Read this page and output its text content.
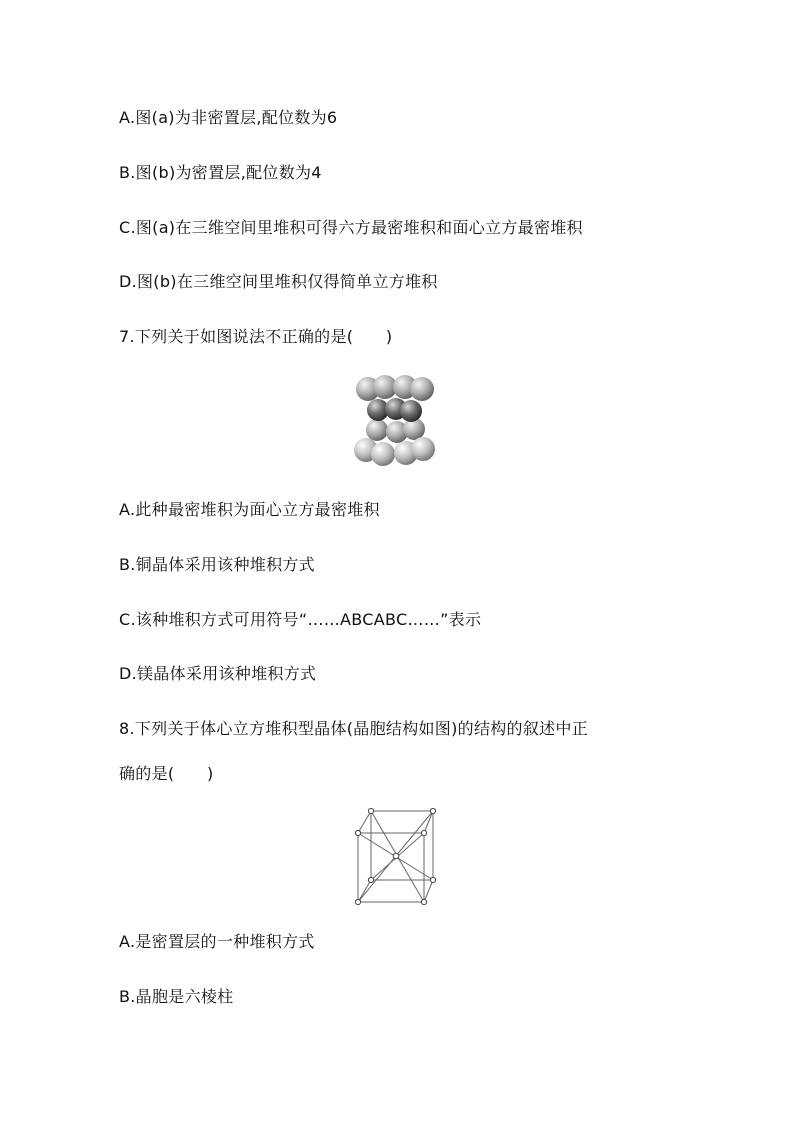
A.图(a)为非密置层,配位数为6
B.图(b)为密置层,配位数为4
C.图(a)在三维空间里堆积可得六方最密堆积和面心立方最密堆积
D.图(b)在三维空间里堆积仅得简单立方堆积
7.下列关于如图说法不正确的是(　　)
A.此种最密堆积为面心立方最密堆积
B.铜晶体采用该种堆积方式
C.该种堆积方式可用符号“……ABCABC……”表示
D.镁晶体采用该种堆积方式
8.下列关于体心立方堆积型晶体(晶胞结构如图)的结构的叙述中正
确的是(　　)
A.是密置层的一种堆积方式
B.晶胞是六棱柱
